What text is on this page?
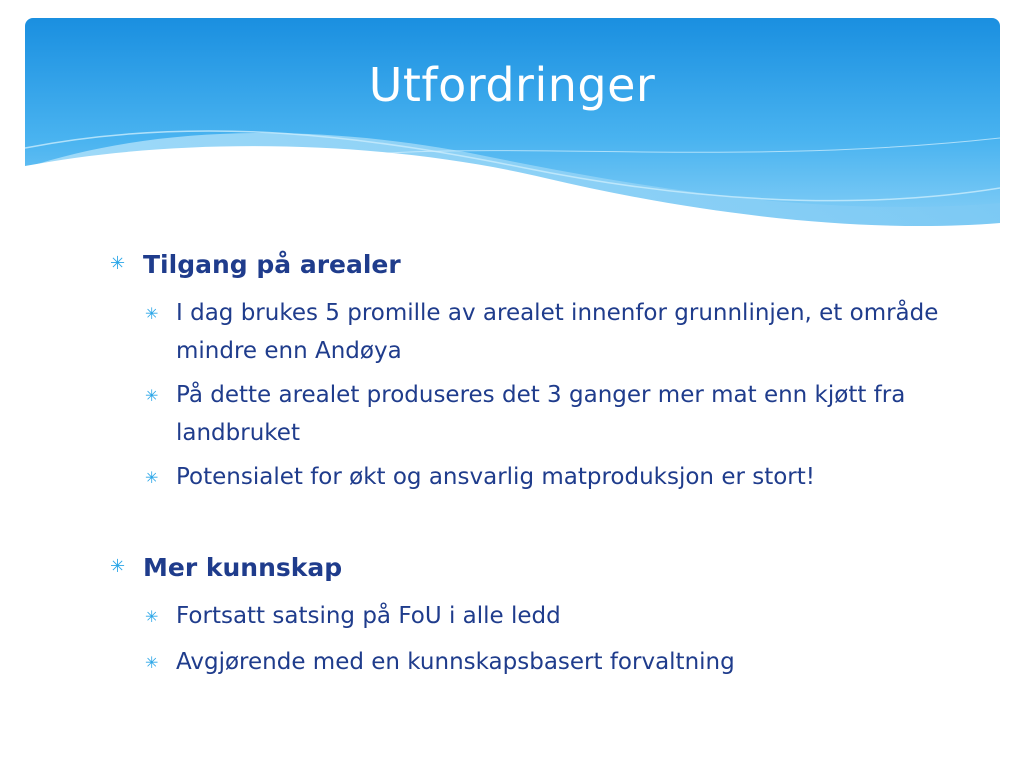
Utfordringer
✳ Tilgang på arealer
✳ I dag brukes 5 promille av arealet innenfor grunnlinjen, et område mindre enn Andøya
✳ På dette arealet produseres det 3 ganger mer mat enn kjøtt fra landbruket
✳ Potensialet for økt og ansvarlig matproduksjon er stort!
✳ Mer kunnskap
✳ Fortsatt satsing på FoU i alle ledd
✳ Avgjørende med en kunnskapsbasert forvaltning
